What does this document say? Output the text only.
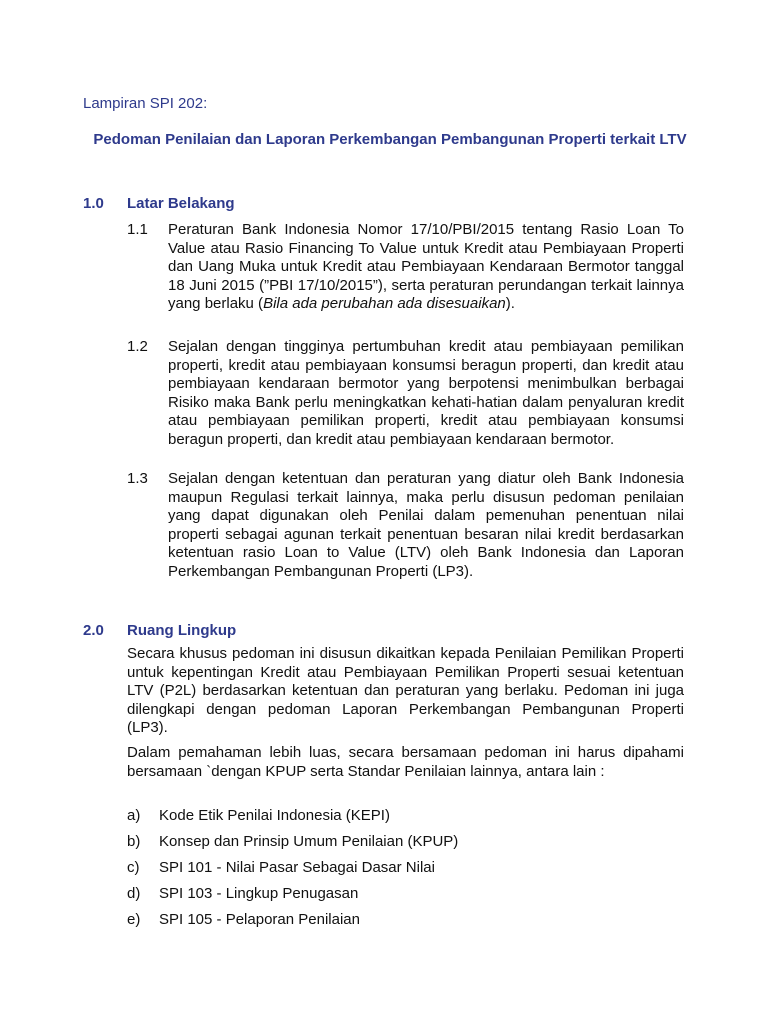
Lampiran SPI 202:
Pedoman Penilaian dan Laporan Perkembangan Pembangunan Properti terkait LTV
1.0 Latar Belakang
1.1 Peraturan Bank Indonesia Nomor 17/10/PBI/2015 tentang Rasio Loan To Value atau Rasio Financing To Value untuk Kredit atau Pembiayaan Properti dan Uang Muka untuk Kredit atau Pembiayaan Kendaraan Bermotor tanggal 18 Juni 2015 (”PBI 17/10/2015”), serta peraturan perundangan terkait lainnya yang berlaku (Bila ada perubahan ada disesuaikan).

1.2 Sejalan dengan tingginya pertumbuhan kredit atau pembiayaan pemilikan properti, kredit atau pembiayaan konsumsi beragun properti, dan kredit atau pembiayaan kendaraan bermotor yang berpotensi menimbulkan berbagai Risiko maka Bank perlu meningkatkan kehati-hatian dalam penyaluran kredit atau pembiayaan pemilikan properti, kredit atau pembiayaan konsumsi beragun properti, dan kredit atau pembiayaan kendaraan bermotor.

1.3 Sejalan dengan ketentuan dan peraturan yang diatur oleh Bank Indonesia maupun Regulasi terkait lainnya, maka perlu disusun pedoman penilaian yang dapat digunakan oleh Penilai dalam pemenuhan penentuan nilai properti sebagai agunan terkait penentuan besaran nilai kredit berdasarkan ketentuan rasio Loan to Value (LTV) oleh Bank Indonesia dan Laporan Perkembangan Pembangunan Properti (LP3).

2.0 Ruang Lingkup

Secara khusus pedoman ini disusun dikaitkan kepada Penilaian Pemilikan Properti untuk kepentingan Kredit atau Pembiayaan Pemilikan Properti sesuai ketentuan LTV (P2L) berdasarkan ketentuan dan peraturan yang berlaku. Pedoman ini juga dilengkapi dengan pedoman Laporan Perkembangan Pembangunan Properti (LP3).

Dalam pemahaman lebih luas, secara bersamaan pedoman ini harus dipahami bersamaan `dengan KPUP serta Standar Penilaian lainnya, antara lain :

a) Kode Etik Penilai Indonesia (KEPI)
b) Konsep dan Prinsip Umum Penilaian (KPUP)
c) SPI 101 - Nilai Pasar Sebagai Dasar Nilai
d) SPI 103 - Lingkup Penugasan
e) SPI 105 - Pelaporan Penilaian
